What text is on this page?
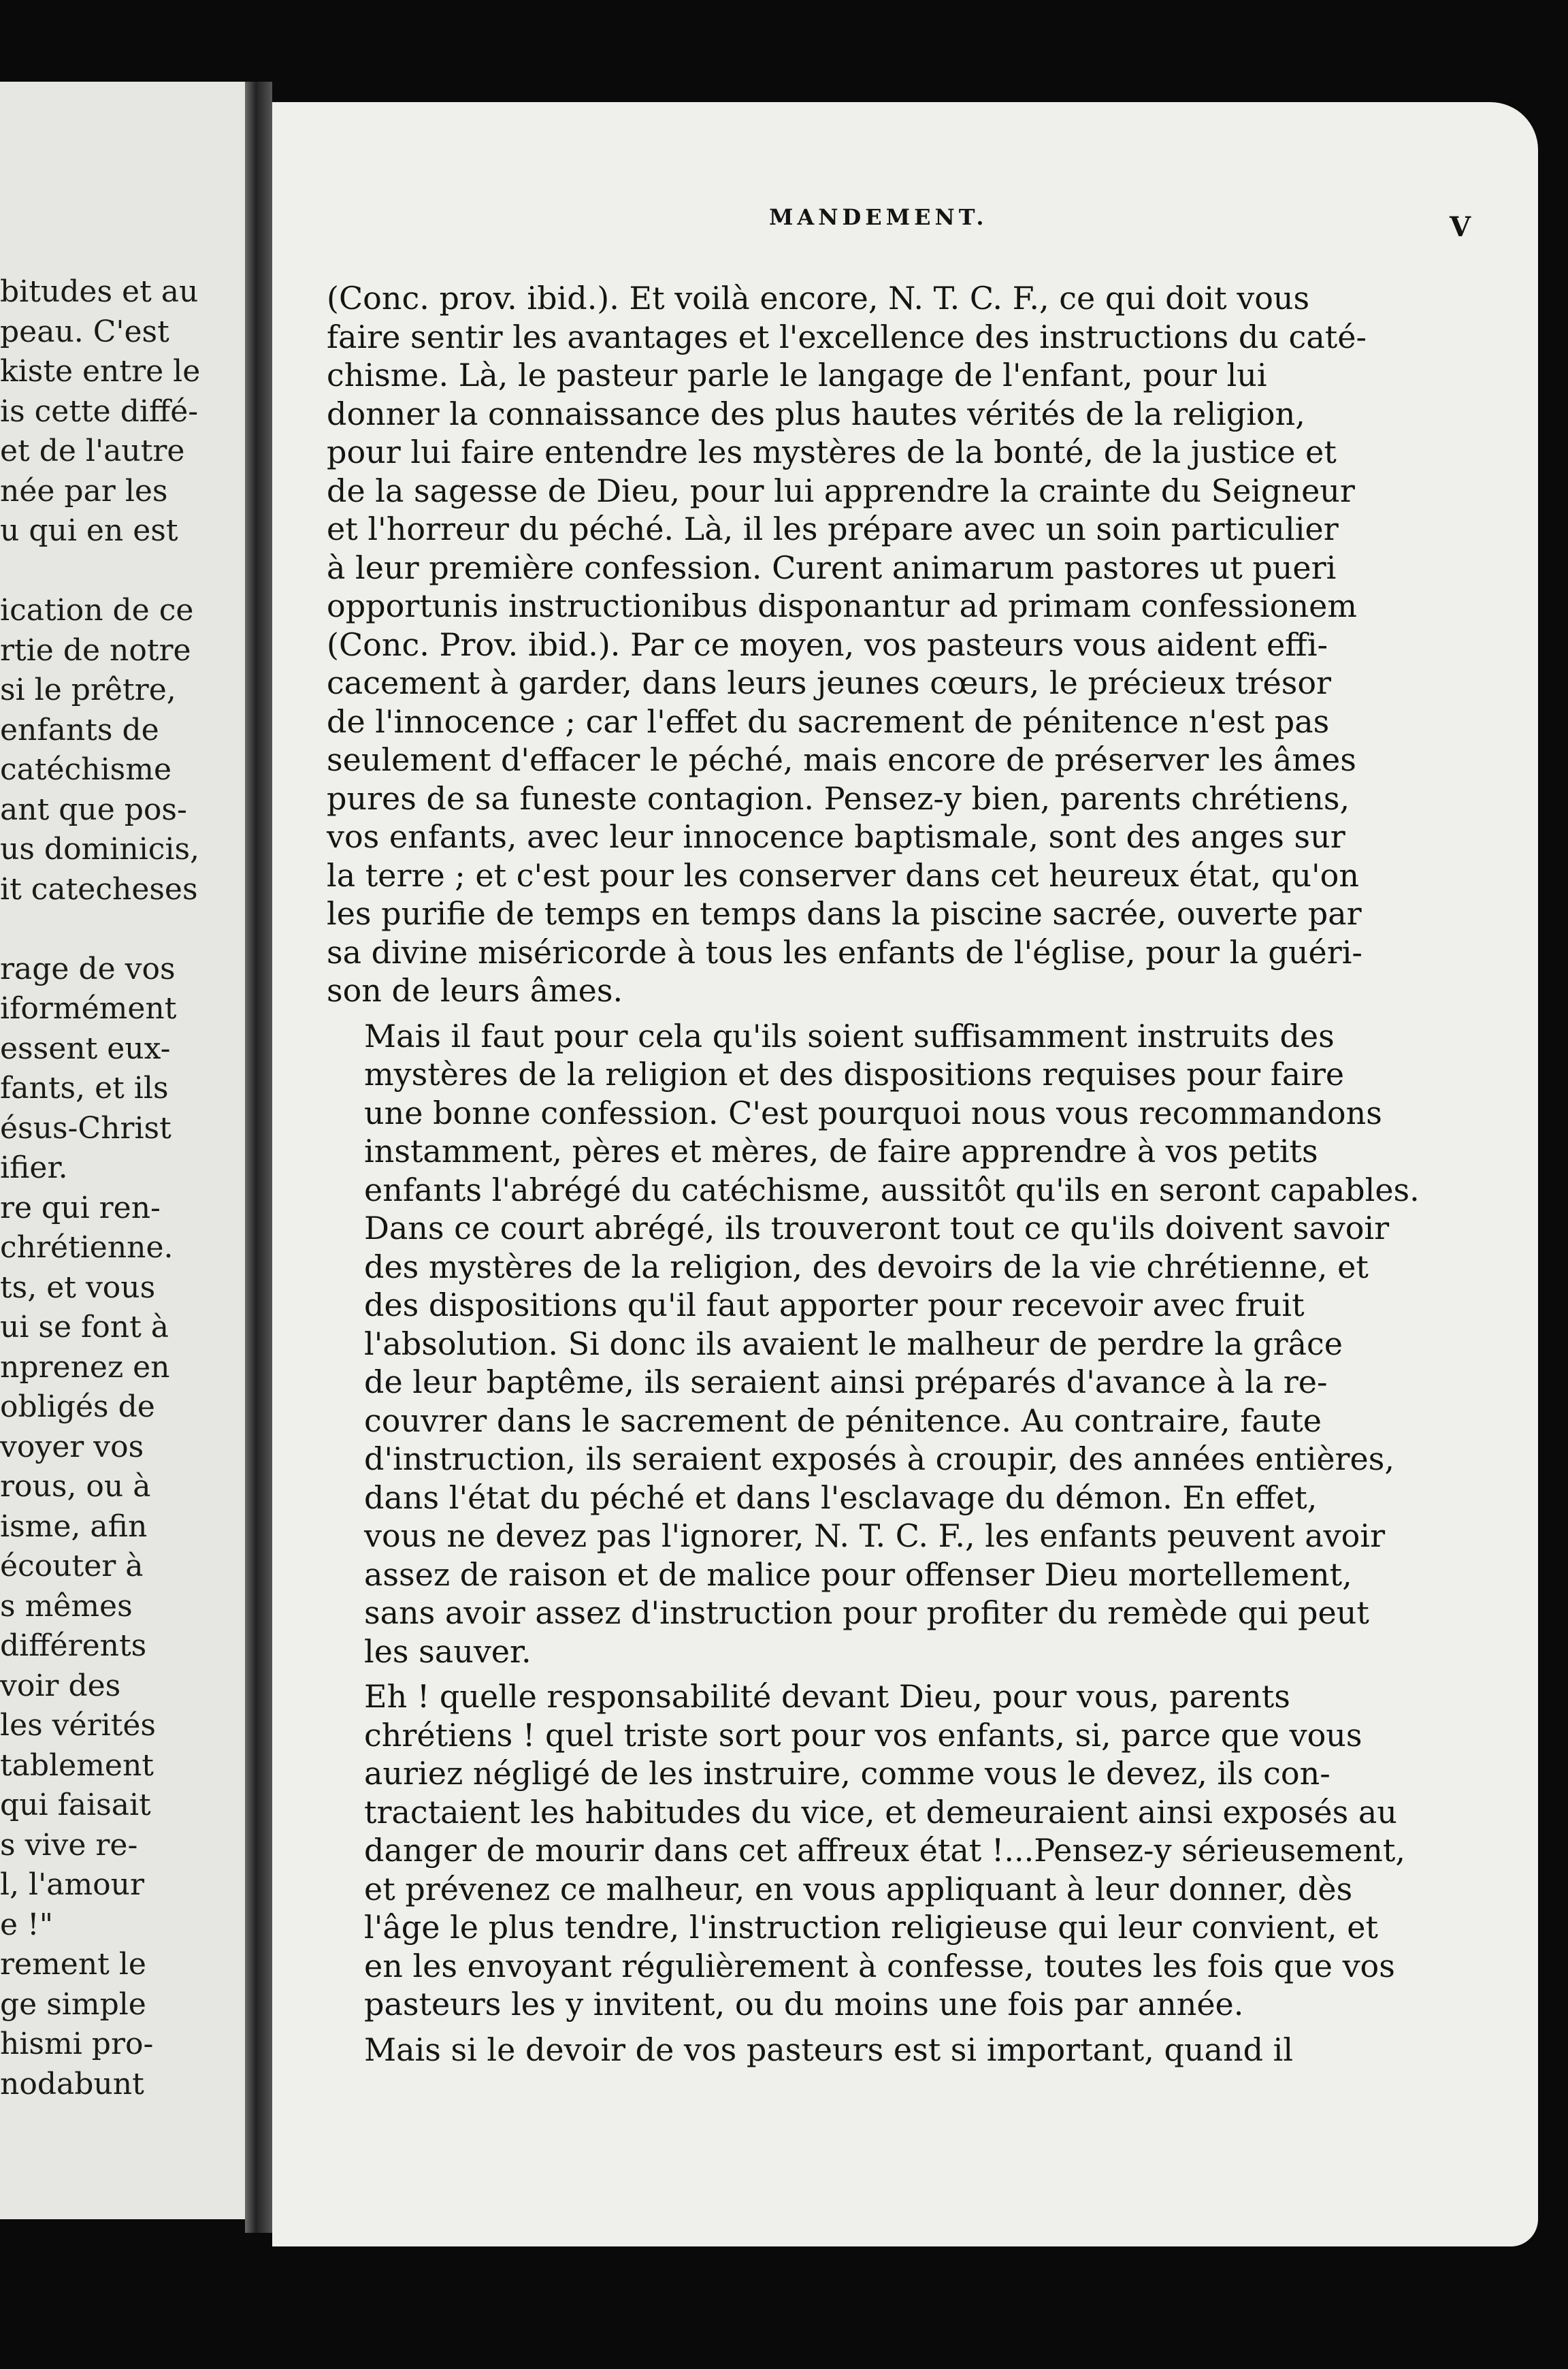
bitudes et au
peau. C'est
kiste entre le
is cette diffé-
et de l'autre
née par les
u qui en est
ication de ce
rtie de notre
si le prêtre,
enfants de
catéchisme
ant que pos-
us dominicis,
it catecheses
rage de vos
iformément
essent eux-
fants, et ils
ésus-Christ
ifier.
re qui ren-
chrétienne.
ts, et vous
ui se font à
nprenez en
obligés de
voyer vos
rous, ou à
isme, afin
écouter à
s mêmes
différents
voir des
les vérités
tablement
qui faisait
s vive re-
l, l'amour
e !"
rement le
ge simple
hismi pro-
nodabunt
MANDEMENT.	V

(Conc. prov. ibid.). Et voilà encore, N. T. C. F., ce qui doit vous
faire sentir les avantages et l'excellence des instructions du caté-
chisme. Là, le pasteur parle le langage de l'enfant, pour lui
donner la connaissance des plus hautes vérités de la religion,
pour lui faire entendre les mystères de la bonté, de la justice et
de la sagesse de Dieu, pour lui apprendre la crainte du Seigneur
et l'horreur du péché. Là, il les prépare avec un soin particulier
à leur première confession. Curent animarum pastores ut pueri
opportunis instructionibus disponantur ad primam confessionem
(Conc. Prov. ibid.). Par ce moyen, vos pasteurs vous aident effi-
cacement à garder, dans leurs jeunes cœurs, le précieux trésor
de l'innocence ; car l'effet du sacrement de pénitence n'est pas
seulement d'effacer le péché, mais encore de préserver les âmes
pures de sa funeste contagion. Pensez-y bien, parents chrétiens,
vos enfants, avec leur innocence baptismale, sont des anges sur
la terre ; et c'est pour les conserver dans cet heureux état, qu'on
les purifie de temps en temps dans la piscine sacrée, ouverte par
sa divine miséricorde à tous les enfants de l'église, pour la guéri-
son de leurs âmes.

Mais il faut pour cela qu'ils soient suffisamment instruits des
mystères de la religion et des dispositions requises pour faire
une bonne confession. C'est pourquoi nous vous recommandons
instamment, pères et mères, de faire apprendre à vos petits
enfants l'abrégé du catéchisme, aussitôt qu'ils en seront capables.
Dans ce court abrégé, ils trouveront tout ce qu'ils doivent savoir
des mystères de la religion, des devoirs de la vie chrétienne, et
des dispositions qu'il faut apporter pour recevoir avec fruit
l'absolution. Si donc ils avaient le malheur de perdre la grâce
de leur baptême, ils seraient ainsi préparés d'avance à la re-
couvrer dans le sacrement de pénitence. Au contraire, faute
d'instruction, ils seraient exposés à croupir, des années entières,
dans l'état du péché et dans l'esclavage du démon. En effet,
vous ne devez pas l'ignorer, N. T. C. F., les enfants peuvent avoir
assez de raison et de malice pour offenser Dieu mortellement,
sans avoir assez d'instruction pour profiter du remède qui peut
les sauver.

Eh ! quelle responsabilité devant Dieu, pour vous, parents
chrétiens ! quel triste sort pour vos enfants, si, parce que vous
auriez négligé de les instruire, comme vous le devez, ils con-
tractaient les habitudes du vice, et demeuraient ainsi exposés au
danger de mourir dans cet affreux état !...Pensez-y sérieusement,
et prévenez ce malheur, en vous appliquant à leur donner, dès
l'âge le plus tendre, l'instruction religieuse qui leur convient, et
en les envoyant régulièrement à confesse, toutes les fois que vos
pasteurs les y invitent, ou du moins une fois par année.

Mais si le devoir de vos pasteurs est si important, quand il
